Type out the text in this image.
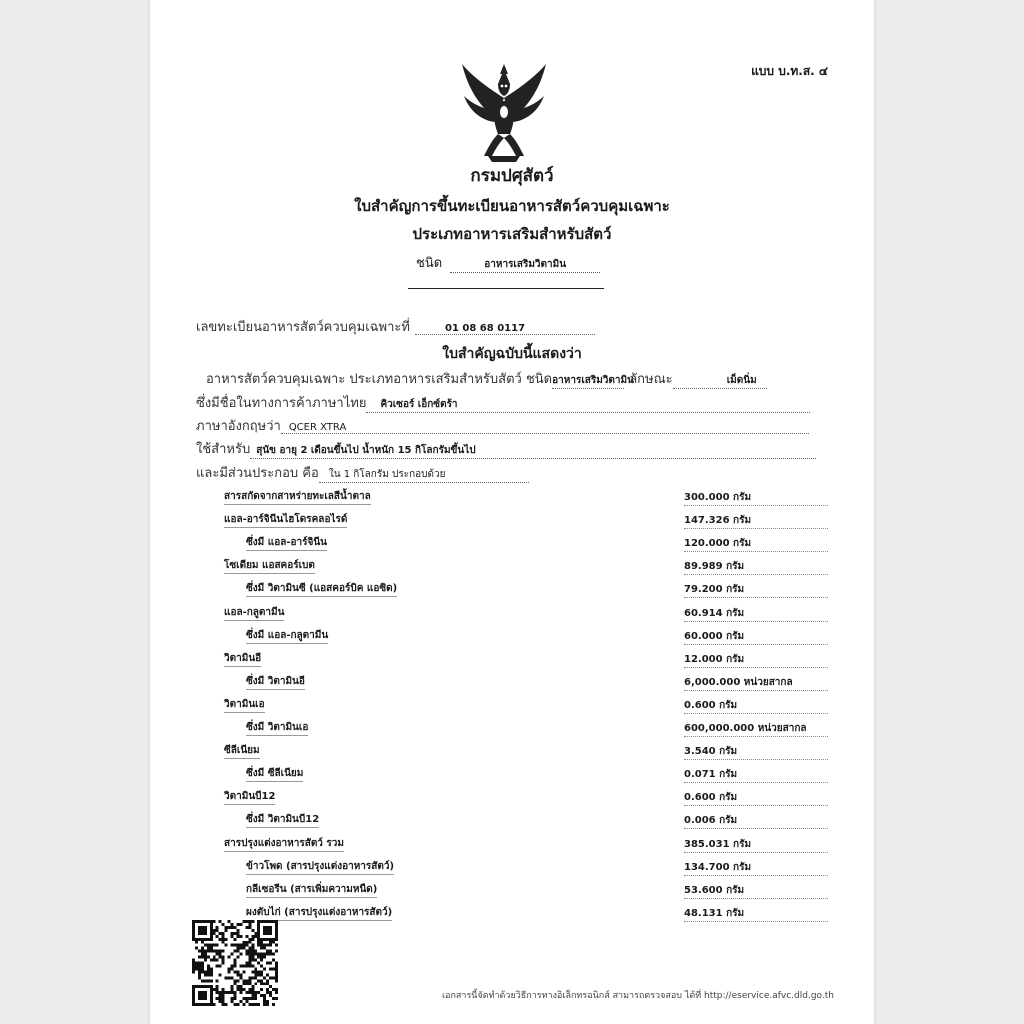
แบบ บ.ท.ส. ๔
กรมปศุสัตว์
ใบสำคัญการขึ้นทะเบียนอาหารสัตว์ควบคุมเฉพาะ
ประเภทอาหารเสริมสำหรับสัตว์
ชนิด	อาหารเสริมวิตามิน
เลขทะเบียนอาหารสัตว์ควบคุมเฉพาะที่	01 08 68 0117
ใบสำคัญฉบับนี้แสดงว่า
อาหารสัตว์ควบคุมเฉพาะ ประเภทอาหารเสริมสำหรับสัตว์ ชนิดอาหารเสริมวิตามิน ลักษณะ	เม็ดนิ่ม
ซึ่งมีชื่อในทางการค้าภาษาไทย คิวเซอร์ เอ็กซ์ตร้า
ภาษาอังกฤษว่า QCER XTRA
ใช้สำหรับ สุนัข อายุ 2 เดือนขึ้นไป น้ำหนัก 15 กิโลกรัมขึ้นไป
และมีส่วนประกอบ คือ ใน 1 กิโลกรัม ประกอบด้วย
สารสกัดจากสาหร่ายทะเลสีน้ำตาล	300.000 กรัม
แอล-อาร์จินีนไฮโดรคลอไรด์	147.326 กรัม
ซึ่งมี แอล-อาร์จินีน	120.000 กรัม
โซเดียม แอสคอร์เบต	89.989 กรัม
ซึ่งมี วิตามินซี (แอสคอร์บิค แอซิด)	79.200 กรัม
แอล-กลูตามีน	60.914 กรัม
ซึ่งมี แอล-กลูตามีน	60.000 กรัม
วิตามินอี	12.000 กรัม
ซึ่งมี วิตามินอี	6,000.000 หน่วยสากล
วิตามินเอ	0.600 กรัม
ซึ่งมี วิตามินเอ	600,000.000 หน่วยสากล
ซีลีเนียม	3.540 กรัม
ซึ่งมี ซีลีเนียม	0.071 กรัม
วิตามินบี12	0.600 กรัม
ซึ่งมี วิตามินบี12	0.006 กรัม
สารปรุงแต่งอาหารสัตว์ รวม	385.031 กรัม
ข้าวโพด (สารปรุงแต่งอาหารสัตว์)	134.700 กรัม
กลีเซอรีน (สารเพิ่มความหนืด)	53.600 กรัม
ผงตับไก่ (สารปรุงแต่งอาหารสัตว์)	48.131 กรัม
เอกสารนี้จัดทำด้วยวิธีการทางอิเล็กทรอนิกส์ สามารถตรวจสอบ ได้ที่ http://eservice.afvc.dld.go.th
